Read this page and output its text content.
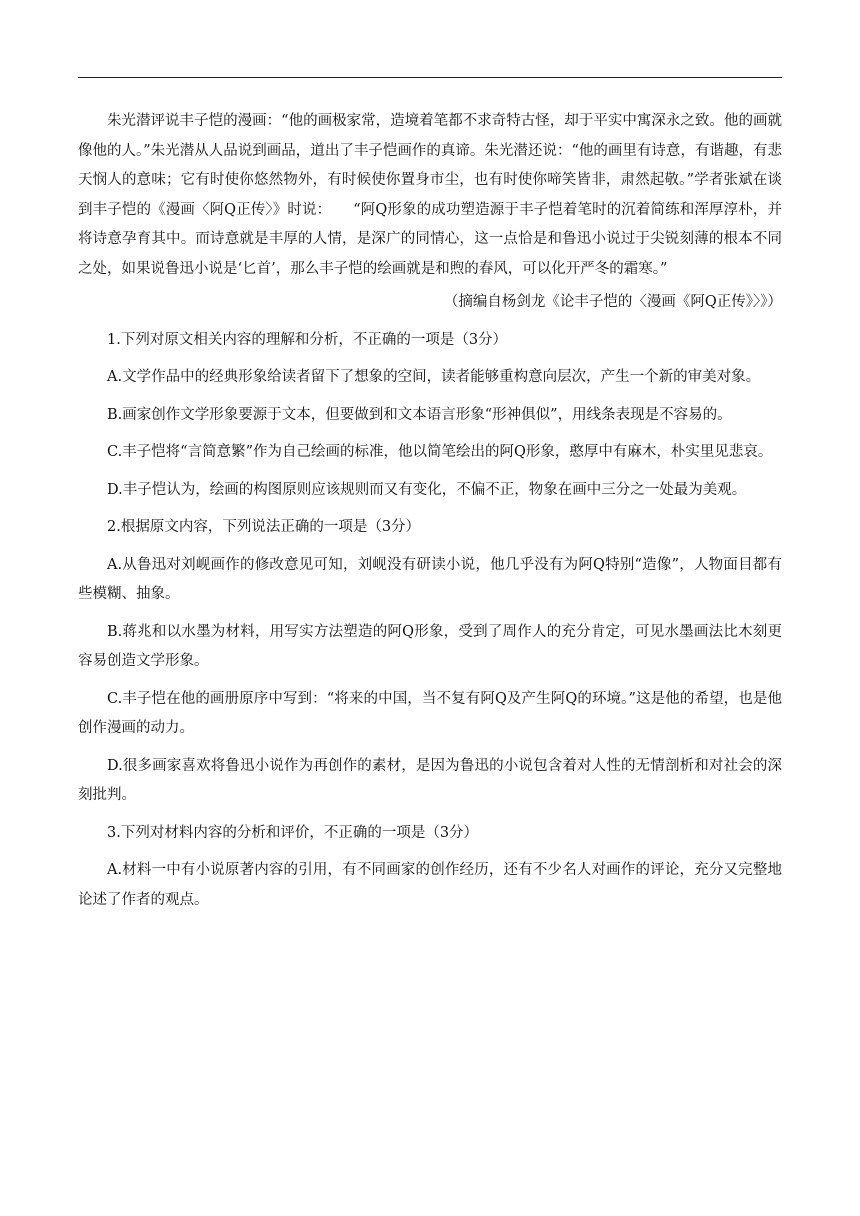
朱光潜评说丰子恺的漫画：“他的画极家常，造境着笔都不求奇特古怪，却于平实中寓深永之致。他的画就像他的人。”朱光潜从人品说到画品，道出了丰子恺画作的真谛。朱光潜还说：“他的画里有诗意，有谐趣，有悲天悯人的意味；它有时使你悠然物外，有时候使你置身市尘，也有时使你啼笑皆非，肃然起敬。”学者张斌在谈到丰子恺的《漫画〈阿Q正传〉》时说：　　“阿Q形象的成功塑造源于丰子恺着笔时的沉着简练和浑厚淳朴，并将诗意孕育其中。而诗意就是丰厚的人情，是深广的同情心，这一点恰是和鲁迅小说过于尖锐刻薄的根本不同之处，如果说鲁迅小说是‘匕首’，那么丰子恺的绘画就是和煦的春风，可以化开严冬的霜寒。”

（摘编自杨剑龙《论丰子恺的〈漫画《阿Q正传》〉》）

1.下列对原文相关内容的理解和分析，不正确的一项是（3分）

A.文学作品中的经典形象给读者留下了想象的空间，读者能够重构意向层次，产生一个新的审美对象。

B.画家创作文学形象要源于文本，但要做到和文本语言形象“形神俱似”，用线条表现是不容易的。

C.丰子恺将“言简意繁”作为自己绘画的标准，他以简笔绘出的阿Q形象，憨厚中有麻木，朴实里见悲哀。

D.丰子恺认为，绘画的构图原则应该规则而又有变化，不偏不正，物象在画中三分之一处最为美观。

2.根据原文内容，下列说法正确的一项是（3分）

A.从鲁迅对刘岘画作的修改意见可知，刘岘没有研读小说，他几乎没有为阿Q特别“造像”，人物面目都有些模糊、抽象。

B.蒋兆和以水墨为材料，用写实方法塑造的阿Q形象，受到了周作人的充分肯定，可见水墨画法比木刻更容易创造文学形象。

C.丰子恺在他的画册原序中写到：“将来的中国，当不复有阿Q及产生阿Q的环境。”这是他的希望，也是他创作漫画的动力。

D.很多画家喜欢将鲁迅小说作为再创作的素材，是因为鲁迅的小说包含着对人性的无情剖析和对社会的深刻批判。

3.下列对材料内容的分析和评价，不正确的一项是（3分）

A.材料一中有小说原著内容的引用，有不同画家的创作经历，还有不少名人对画作的评论，充分又完整地论述了作者的观点。
